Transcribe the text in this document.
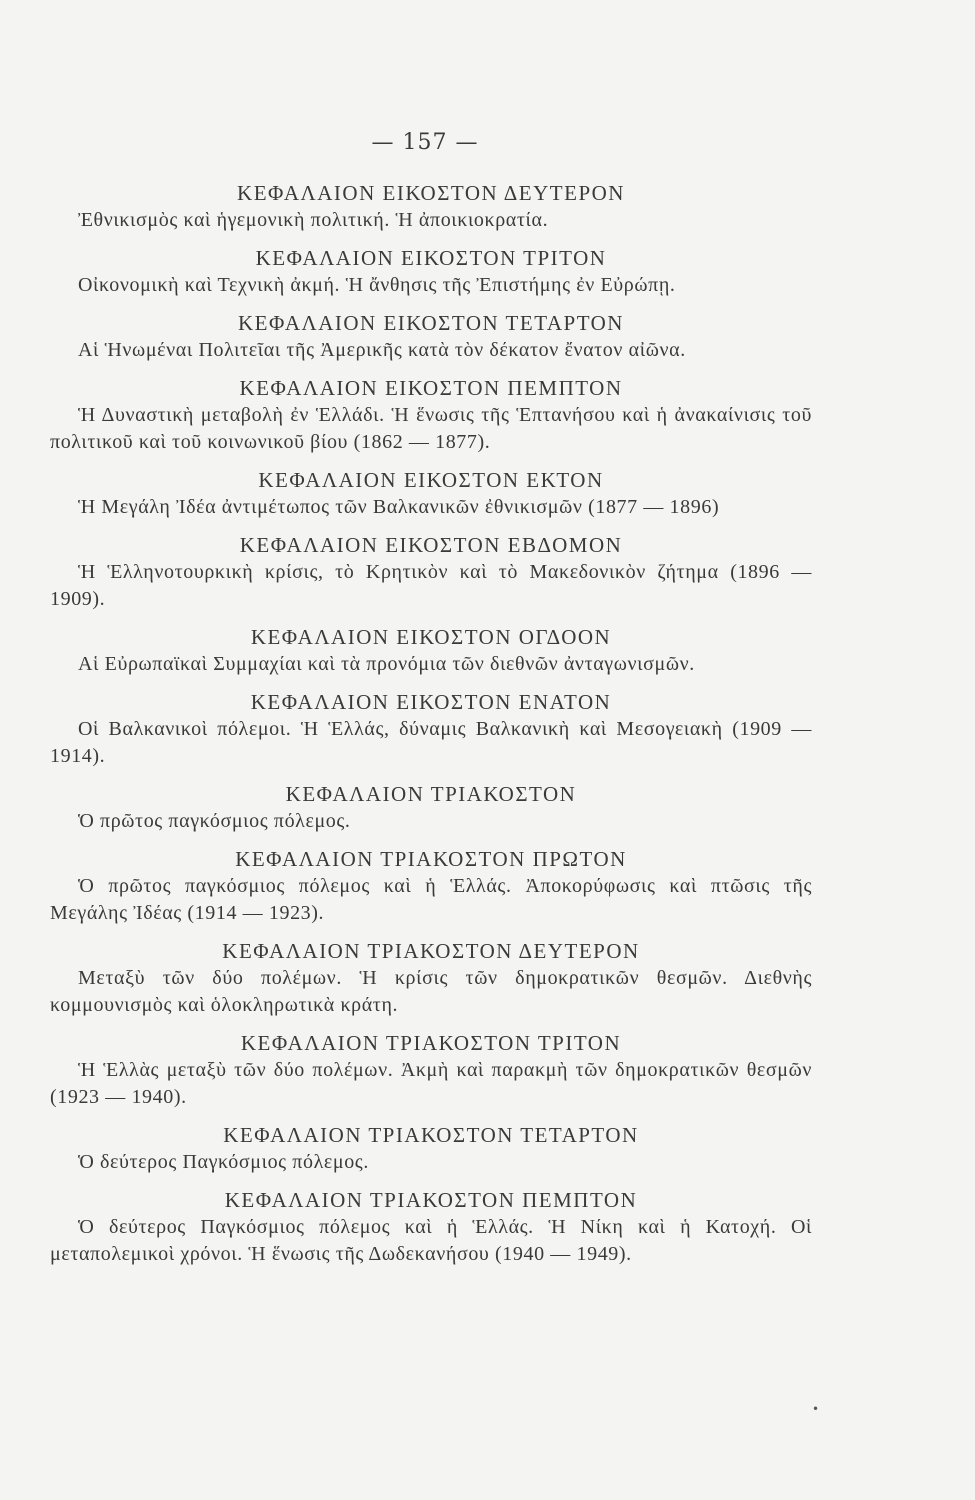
— 157 —

ΚΕΦΑΛΑΙΟΝ ΕΙΚΟΣΤΟΝ ΔΕΥΤΕΡΟΝ

Ἐθνικισμὸς καὶ ἡγεμονικὴ πολιτική. Ἡ ἀποικιοκρατία.

ΚΕΦΑΛΑΙΟΝ ΕΙΚΟΣΤΟΝ ΤΡΙΤΟΝ

Οἰκονομικὴ καὶ Τεχνικὴ ἀκμή. Ἡ ἄνθησις τῆς Ἐπιστήμης ἐν Εὐρώπῃ.

ΚΕΦΑΛΑΙΟΝ ΕΙΚΟΣΤΟΝ ΤΕΤΑΡΤΟΝ

Αἱ Ἡνωμέναι Πολιτεῖαι τῆς Ἀμερικῆς κατὰ τὸν δέκατον ἔνατον αἰῶνα.

ΚΕΦΑΛΑΙΟΝ ΕΙΚΟΣΤΟΝ ΠΕΜΠΤΟΝ

Ἡ Δυναστικὴ μεταβολὴ ἐν Ἑλλάδι. Ἡ ἕνωσις τῆς Ἑπτανήσου καὶ ἡ ἀνακαίνισις τοῦ πολιτικοῦ καὶ τοῦ κοινωνικοῦ βίου (1862 — 1877).

ΚΕΦΑΛΑΙΟΝ ΕΙΚΟΣΤΟΝ ΕΚΤΟΝ

Ἡ Μεγάλη Ἰδέα ἀντιμέτωπος τῶν Βαλκανικῶν ἐθνικισμῶν (1877 — 1896)

ΚΕΦΑΛΑΙΟΝ ΕΙΚΟΣΤΟΝ ΕΒΔΟΜΟΝ

Ἡ Ἑλληνοτουρκικὴ κρίσις, τὸ Κρητικὸν καὶ τὸ Μακεδονικὸν ζήτημα (1896 — 1909).

ΚΕΦΑΛΑΙΟΝ ΕΙΚΟΣΤΟΝ ΟΓΔΟΟΝ

Αἱ Εὐρωπαϊκαὶ Συμμαχίαι καὶ τὰ προνόμια τῶν διεθνῶν ἀνταγωνισμῶν.

ΚΕΦΑΛΑΙΟΝ ΕΙΚΟΣΤΟΝ ΕΝΑΤΟΝ

Οἱ Βαλκανικοὶ πόλεμοι. Ἡ Ἑλλάς, δύναμις Βαλκανικὴ καὶ Μεσογειακὴ (1909 — 1914).

ΚΕΦΑΛΑΙΟΝ ΤΡΙΑΚΟΣΤΟΝ

Ὁ πρῶτος παγκόσμιος πόλεμος.

ΚΕΦΑΛΑΙΟΝ ΤΡΙΑΚΟΣΤΟΝ ΠΡΩΤΟΝ

Ὁ πρῶτος παγκόσμιος πόλεμος καὶ ἡ Ἑλλάς. Ἀποκορύφωσις καὶ πτῶσις τῆς Μεγάλης Ἰδέας (1914 — 1923).

ΚΕΦΑΛΑΙΟΝ ΤΡΙΑΚΟΣΤΟΝ ΔΕΥΤΕΡΟΝ

Μεταξὺ τῶν δύο πολέμων. Ἡ κρίσις τῶν δημοκρατικῶν θεσμῶν. Διεθνὴς κομμουνισμὸς καὶ ὁλοκληρωτικὰ κράτη.

ΚΕΦΑΛΑΙΟΝ ΤΡΙΑΚΟΣΤΟΝ ΤΡΙΤΟΝ

Ἡ Ἑλλὰς μεταξὺ τῶν δύο πολέμων. Ἀκμὴ καὶ παρακμὴ τῶν δημοκρατικῶν θεσμῶν (1923 — 1940).

ΚΕΦΑΛΑΙΟΝ ΤΡΙΑΚΟΣΤΟΝ ΤΕΤΑΡΤΟΝ

Ὁ δεύτερος Παγκόσμιος πόλεμος.

ΚΕΦΑΛΑΙΟΝ ΤΡΙΑΚΟΣΤΟΝ ΠΕΜΠΤΟΝ

Ὁ δεύτερος Παγκόσμιος πόλεμος καὶ ἡ Ἑλλάς. Ἡ Νίκη καὶ ἡ Κατοχή. Οἱ μεταπολεμικοὶ χρόνοι. Ἡ ἕνωσις τῆς Δωδεκανήσου (1940 — 1949).

•
